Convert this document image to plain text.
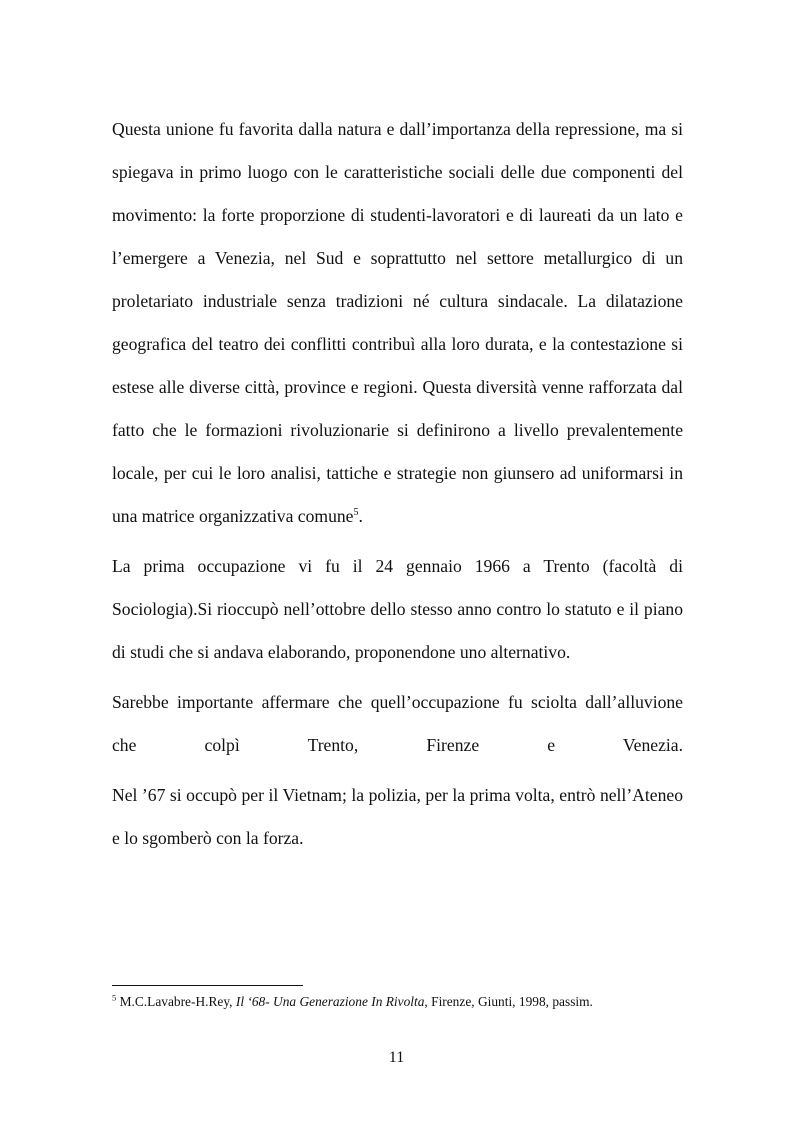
Questa unione fu favorita dalla natura e dall’importanza della repressione, ma si spiegava in primo luogo con le caratteristiche sociali delle due componenti del movimento: la forte proporzione di studenti-lavoratori e di laureati da un lato e l’emergere a Venezia, nel Sud e soprattutto nel settore metallurgico di un proletariato industriale senza tradizioni né cultura sindacale. La dilatazione geografica del teatro dei conflitti contribuì alla loro durata, e la contestazione si estese alle diverse città, province e regioni. Questa diversità venne rafforzata dal fatto che le formazioni rivoluzionarie si definirono a livello prevalentemente locale, per cui le loro analisi, tattiche e strategie non giunsero ad uniformarsi in una matrice organizzativa comune$^5$.

La prima occupazione vi fu il 24 gennaio 1966 a Trento (facoltà di Sociologia).Si rioccupò nell’ottobre dello stesso anno contro lo statuto e il piano di studi che si andava elaborando, proponendone uno alternativo.

Sarebbe importante affermare che quell’occupazione fu sciolta dall’alluvione che colpì Trento, Firenze e Venezia.

Nel ’67 si occupò per il Vietnam; la polizia, per la prima volta, entrò nell’Ateneo e lo sgomberò con la forza.

$^5$ M.C.Lavabre-H.Rey, Il ‘68- Una Generazione In Rivolta, Firenze, Giunti, 1998, passim.
11
